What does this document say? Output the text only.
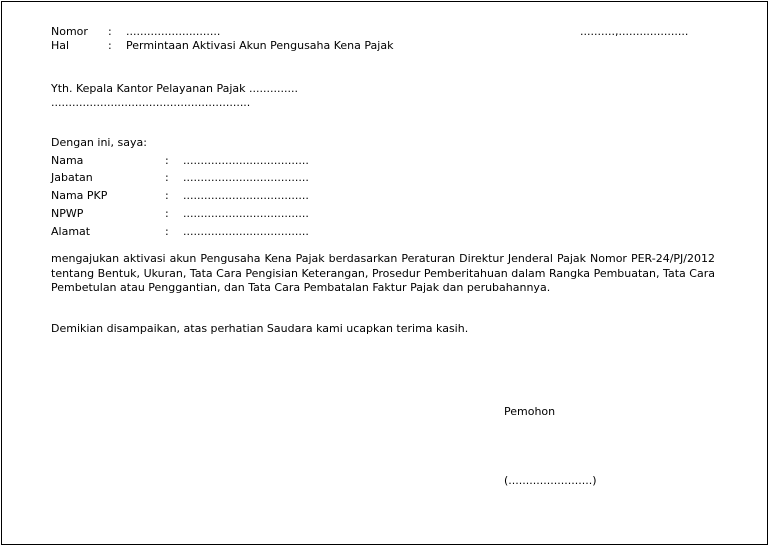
Nomor : ...........................	..........,....................
Hal	: Permintaan Aktivasi Akun Pengusaha Kena Pajak
Yth. Kepala Kantor Pelayanan Pajak ..............
.........................................................
Dengan ini, saya:
Nama	: ....................................
Jabatan	: ....................................
Nama PKP	: ....................................
NPWP	: ....................................
Alamat	: ....................................
mengajukan aktivasi akun Pengusaha Kena Pajak berdasarkan Peraturan Direktur Jenderal Pajak Nomor PER-24/PJ/2012 tentang Bentuk, Ukuran, Tata Cara Pengisian Keterangan, Prosedur Pemberitahuan dalam Rangka Pembuatan, Tata Cara Pembetulan atau Penggantian, dan Tata Cara Pembatalan Faktur Pajak dan perubahannya.
Demikian disampaikan, atas perhatian Saudara kami ucapkan terima kasih.
Pemohon
(........................)
